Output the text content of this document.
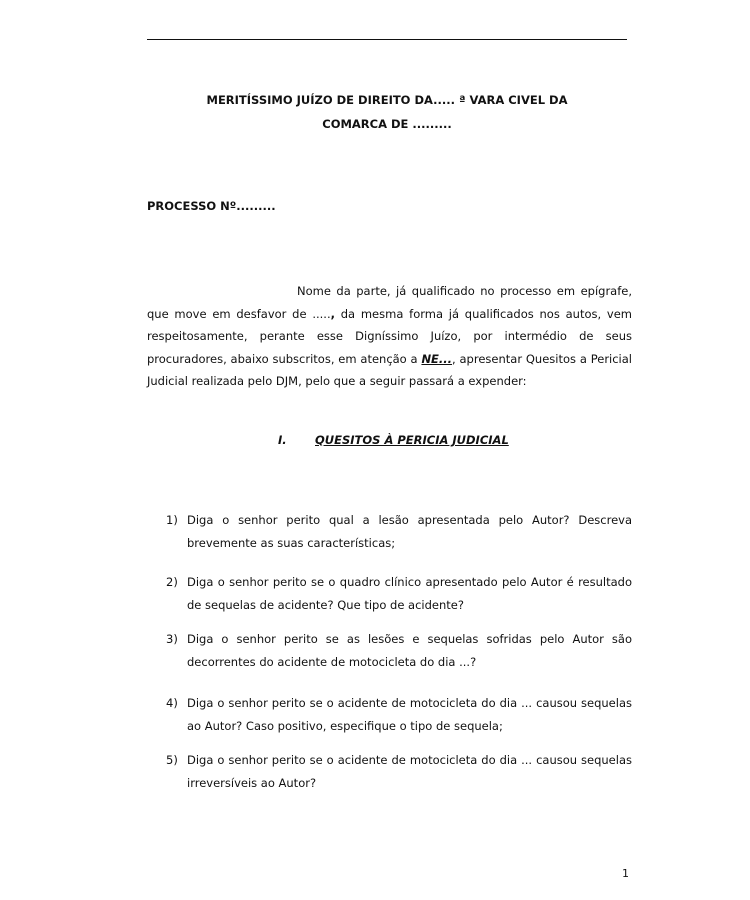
MERITÍSSIMO JUÍZO DE DIREITO DA..... ª VARA CIVEL DA
COMARCA DE .........
PROCESSO Nº.........

Nome da parte, já qualificado no processo em epígrafe, que move em desfavor de ....., da mesma forma já qualificados nos autos, vem respeitosamente, perante esse Digníssimo Juízo, por intermédio de seus procuradores, abaixo subscritos, em atenção a NE..., apresentar Quesitos a Pericial Judicial realizada pelo DJM, pelo que a seguir passará a expender:

I. QUESITOS À PERICIA JUDICIAL
1) Diga o senhor perito qual a lesão apresentada pelo Autor? Descreva brevemente as suas características;
2) Diga o senhor perito se o quadro clínico apresentado pelo Autor é resultado de sequelas de acidente? Que tipo de acidente?
3) Diga o senhor perito se as lesões e sequelas sofridas pelo Autor são decorrentes do acidente de motocicleta do dia ...?
4) Diga o senhor perito se o acidente de motocicleta do dia ... causou sequelas ao Autor? Caso positivo, especifique o tipo de sequela;
5) Diga o senhor perito se o acidente de motocicleta do dia ... causou sequelas irreversíveis ao Autor?
1
